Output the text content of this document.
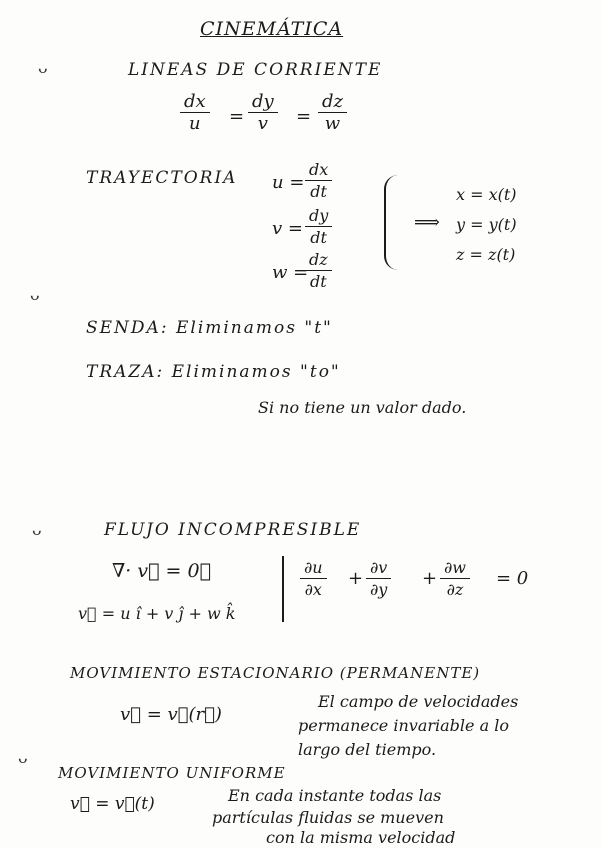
CINEMÁTICA
ᴗ
ᴗ
ᴗ
ᴗ
LINEAS DE CORRIENTE
$\frac{dx}{u} = \frac{dy}{v} = \frac{dz}{w}$
TRAYECTORIA $u = \frac{dx}{dt}$
$v = \frac{dy}{dt}$
w =
$\frac{dz}{dt}$
⟹
x = x(t)
y = y(t)
z = z(t)
SENDA: Eliminamos "t"
TRAZA: Eliminamos "to"
Si no tiene un valor dado.
FLUJO INCOMPRESIBLE
∇· v⃗ = 0⃗
v⃗ = u î + v ĵ + w k̂
$\frac{\partial u}{\partial x} + \frac{\partial v}{\partial y} + \frac{\partial w}{\partial z} = 0$
MOVIMIENTO ESTACIONARIO (PERMANENTE)
v⃗ = v⃗(r⃗)
El campo de velocidades
permanece invariable a lo
largo del tiempo.
MOVIMIENTO UNIFORME
v⃗ = v⃗(t)	En cada instante todas las
partículas fluidas se mueven
con la misma velocidad
